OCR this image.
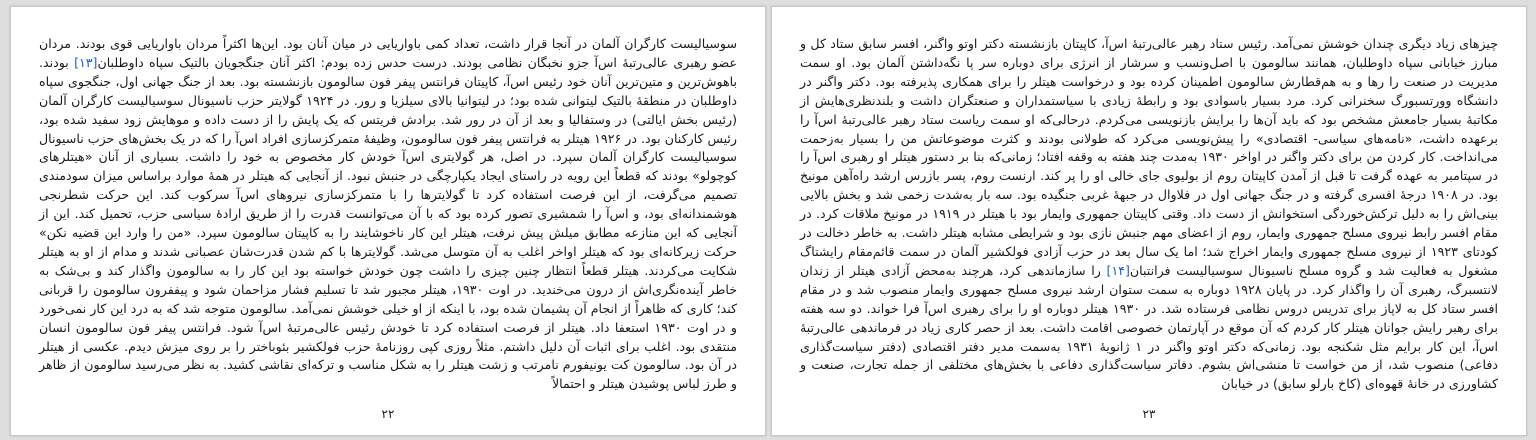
سوسیالیست کارگران آلمان در آنجا قرار داشت، تعداد کمی باواریایی در میان آنان بود. این‌ها اکثراً مردان باواریایی قوی بودند. مردان عضو رهبری عالی‌رتبهٔ اس‌آ جزو نخبگان نظامی بودند. درست حدس زده بودم: اکثر آنان جنگجویان بالتیک سپاه داوطلبان[۱۳] بودند. باهوش‌ترین و متین‌ترین آنان خود رئیس اس‌آ، کاپیتان فرانتس پیفر فون سالومون بازنشسته بود. بعد از جنگ جهانی اول، جنگجوی سپاه داوطلبان در منطقهٔ بالتیک لیتوانی شده بود؛ در لیتوانیا بالای سیلزیا و رور. در ۱۹۲۴ گولایتر حزب ناسیونال سوسیالیست کارگران آلمان (رئیس بخش ایالتی) در وستفالیا و بعد از آن در رور شد. برادش فریتس که یک پایش را از دست داده و موهایش زود سفید شده بود، رئیس کارکنان بود. در ۱۹۲۶ هیتلر به فرانتس پیفر فون سالومون، وظیفهٔ متمرکزسازی افراد اس‌آ را که در یک بخش‌های حزب ناسیونال سوسیالیست کارگران آلمان سپرد. در اصل، هر گولایتری اس‌آ خودش کار مخصوص به خود را داشت. بسیاری از آنان «هیتلرهای کوچولو» بودند که قطعاً این رویه در راستای ایجاد یکپارچگی در جنبش نبود. از آنجایی که هیتلر در همهٔ موارد براساس میزان سودمندی تصمیم می‌گرفت، از این فرصت استفاده کرد تا گولایترها را با متمرکزسازی نیروهای اس‌آ سرکوب کند. این حرکت شطرنجی هوشمندانه‌ای بود، و اس‌آ را شمشیری تصور کرده بود که با آن می‌توانست قدرت را از طریق ارادهٔ سیاسی حزب، تحمیل کند. این از آنجایی که این منازعه مطابق میلش پیش نرفت، هیتلر این کار ناخوشایند را به کاپیتان سالومون سپرد. «من را وارد این قضیه نکن» حرکت زیرکانه‌ای بود که هیتلر اواخر اغلب به آن متوسل می‌شد. گولایترها با کم شدن قدرت‌شان عصبانی شدند و مدام از او به هیتلر شکایت می‌کردند. هیتلر قطعاً انتظار چنین چیزی را داشت چون خودش خواسته بود این کار را به سالومون واگذار کند و بی‌شک به خاطر آینده‌نگری‌اش از درون می‌خندید. در اوت ۱۹۳۰، هیتلر مجبور شد تا تسلیم فشار مزاحمان شود و پیففرون سالومون را قربانی کند؛ کاری که ظاهراً از انجام آن پشیمان شده بود، با اینکه از او خیلی خوشش نمی‌آمد. سالومون متوجه شد که به درد این کار نمی‌خورد و در اوت ۱۹۳۰ استعفا داد. هیتلر از فرصت استفاده کرد تا خودش رئیس عالی‌مرتبهٔ اس‌آ شود. فرانتس پیفر فون سالومون انسان منتقدی بود. اغلب برای اثبات آن دلیل داشتم. مثلاً روزی کپی روزنامهٔ حزب فولکشیر بئوباختر را بر روی میزش دیدم. عکسی از هیتلر در آن بود. سالومون کت یونیفورم نامرتب و زشت هیتلر را به شکل مناسب و ترکه‌ای نقاشی کشید. به نظر می‌رسید سالومون از ظاهر و طرز لباس پوشیدن هیتلر و احتمالاً

۲۲

چیزهای زیاد دیگری چندان خوشش نمی‌آمد. رئیس ستاد رهبر عالی‌رتبهٔ اس‌آ، کاپیتان بازنشسته دکتر اوتو واگنر، افسر سابق ستاد کل و مبارز خیابانی سپاه داوطلبان، همانند سالومون با اصل‌ونسب و سرشار از انرژی برای دوباره سر پا نگه‌داشتن آلمان بود. او سمت مدیریت در صنعت را رها و به هم‌قطارش سالومون اطمینان کرده بود و درخواست هیتلر را برای همکاری پذیرفته بود. دکتر واگنر در دانشگاه وورتسبورگ سخنرانی کرد. مرد بسیار باسوادی بود و رابطهٔ زیادی با سیاستمداران و صنعتگران داشت و بلندنظری‌هایش از مکاتبهٔ بسیار جامعش مشخص بود که باید آن‌ها را برایش بازنویسی می‌کردم. درحالی‌که او سمت ریاست ستاد رهبر عالی‌رتبهٔ اس‌آ را برعهده داشت، «نامه‌های سیاسی- اقتصادی» را پیش‌نویسی می‌کرد که طولانی بودند و کثرت موضوعاتش من را بسیار به‌زحمت می‌انداخت. کار کردن من برای دکتر واگنر در اواخر ۱۹۳۰ به‌مدت چند هفته به وقفه افتاد؛ زمانی‌که بنا بر دستور هیتلر او رهبری اس‌آ را در سپتامبر به عهده گرفت تا قبل از آمدن کاپیتان روم از بولیوی جای خالی او را پر کند. ارنست روم، پسر بازرس ارشد راه‌آهن مونیخ بود. در ۱۹۰۸ درجهٔ افسری گرفته و در جنگ جهانی اول در فلاوال در جبههٔ غربی جنگیده بود. سه بار به‌شدت زخمی شد و بخش بالایی بینی‌اش را به دلیل ترکش‌خوردگی استخوانش از دست داد. وقتی کاپیتان جمهوری وایمار بود با هیتلر در ۱۹۱۹ در مونیخ ملاقات کرد. در مقام افسر رابط نیروی مسلح جمهوری وایمار، روم از اعضای مهم جنبش نازی بود و شرایطی مشابه هیتلر داشت. به خاطر دخالت در کودتای ۱۹۲۳ از نیروی مسلح جمهوری وایمار اخراج شد؛ اما یک سال بعد در حزب آزادی فولکشیر آلمان در سمت قائم‌مقام رایشتاگ مشغول به فعالیت شد و گروه مسلح ناسیونال سوسیالیست فرانتبان[۱۴] را سازماندهی کرد، هرچند به‌محض آزادی هیتلر از زندان لانتسبرگ، رهبری آن را واگذار کرد. در پایان ۱۹۲۸ دوباره به سمت ستوان ارشد نیروی مسلح جمهوری وایمار منصوب شد و در مقام افسر ستاد کل به لاپاز برای تدریس دروس نظامی فرستاده شد. در ۱۹۳۰ هیتلر دوباره او را برای رهبری اس‌آ فرا خواند. دو سه هفته برای رهبر رایش جوانان هیتلر کار کردم که آن موقع در آپارتمان خصوصی اقامت داشت. بعد از حصر کاری زیاد در فرماندهی عالی‌رتبهٔ اس‌آ، این کار برایم مثل شکنجه بود. زمانی‌که دکتر اوتو واگنر در ۱ ژانویهٔ ۱۹۳۱ به‌سمت مدیر دفتر اقتصادی (دفتر سیاست‌گذاری دفاعی) منصوب شد، از من خواست تا منشی‌اش بشوم. دفاتر سیاست‌گذاری دفاعی با بخش‌های مختلفی از جمله تجارت، صنعت و کشاورزی در خانهٔ قهوه‌ای (کاخ بارلو سابق) در خیابان

۲۳
